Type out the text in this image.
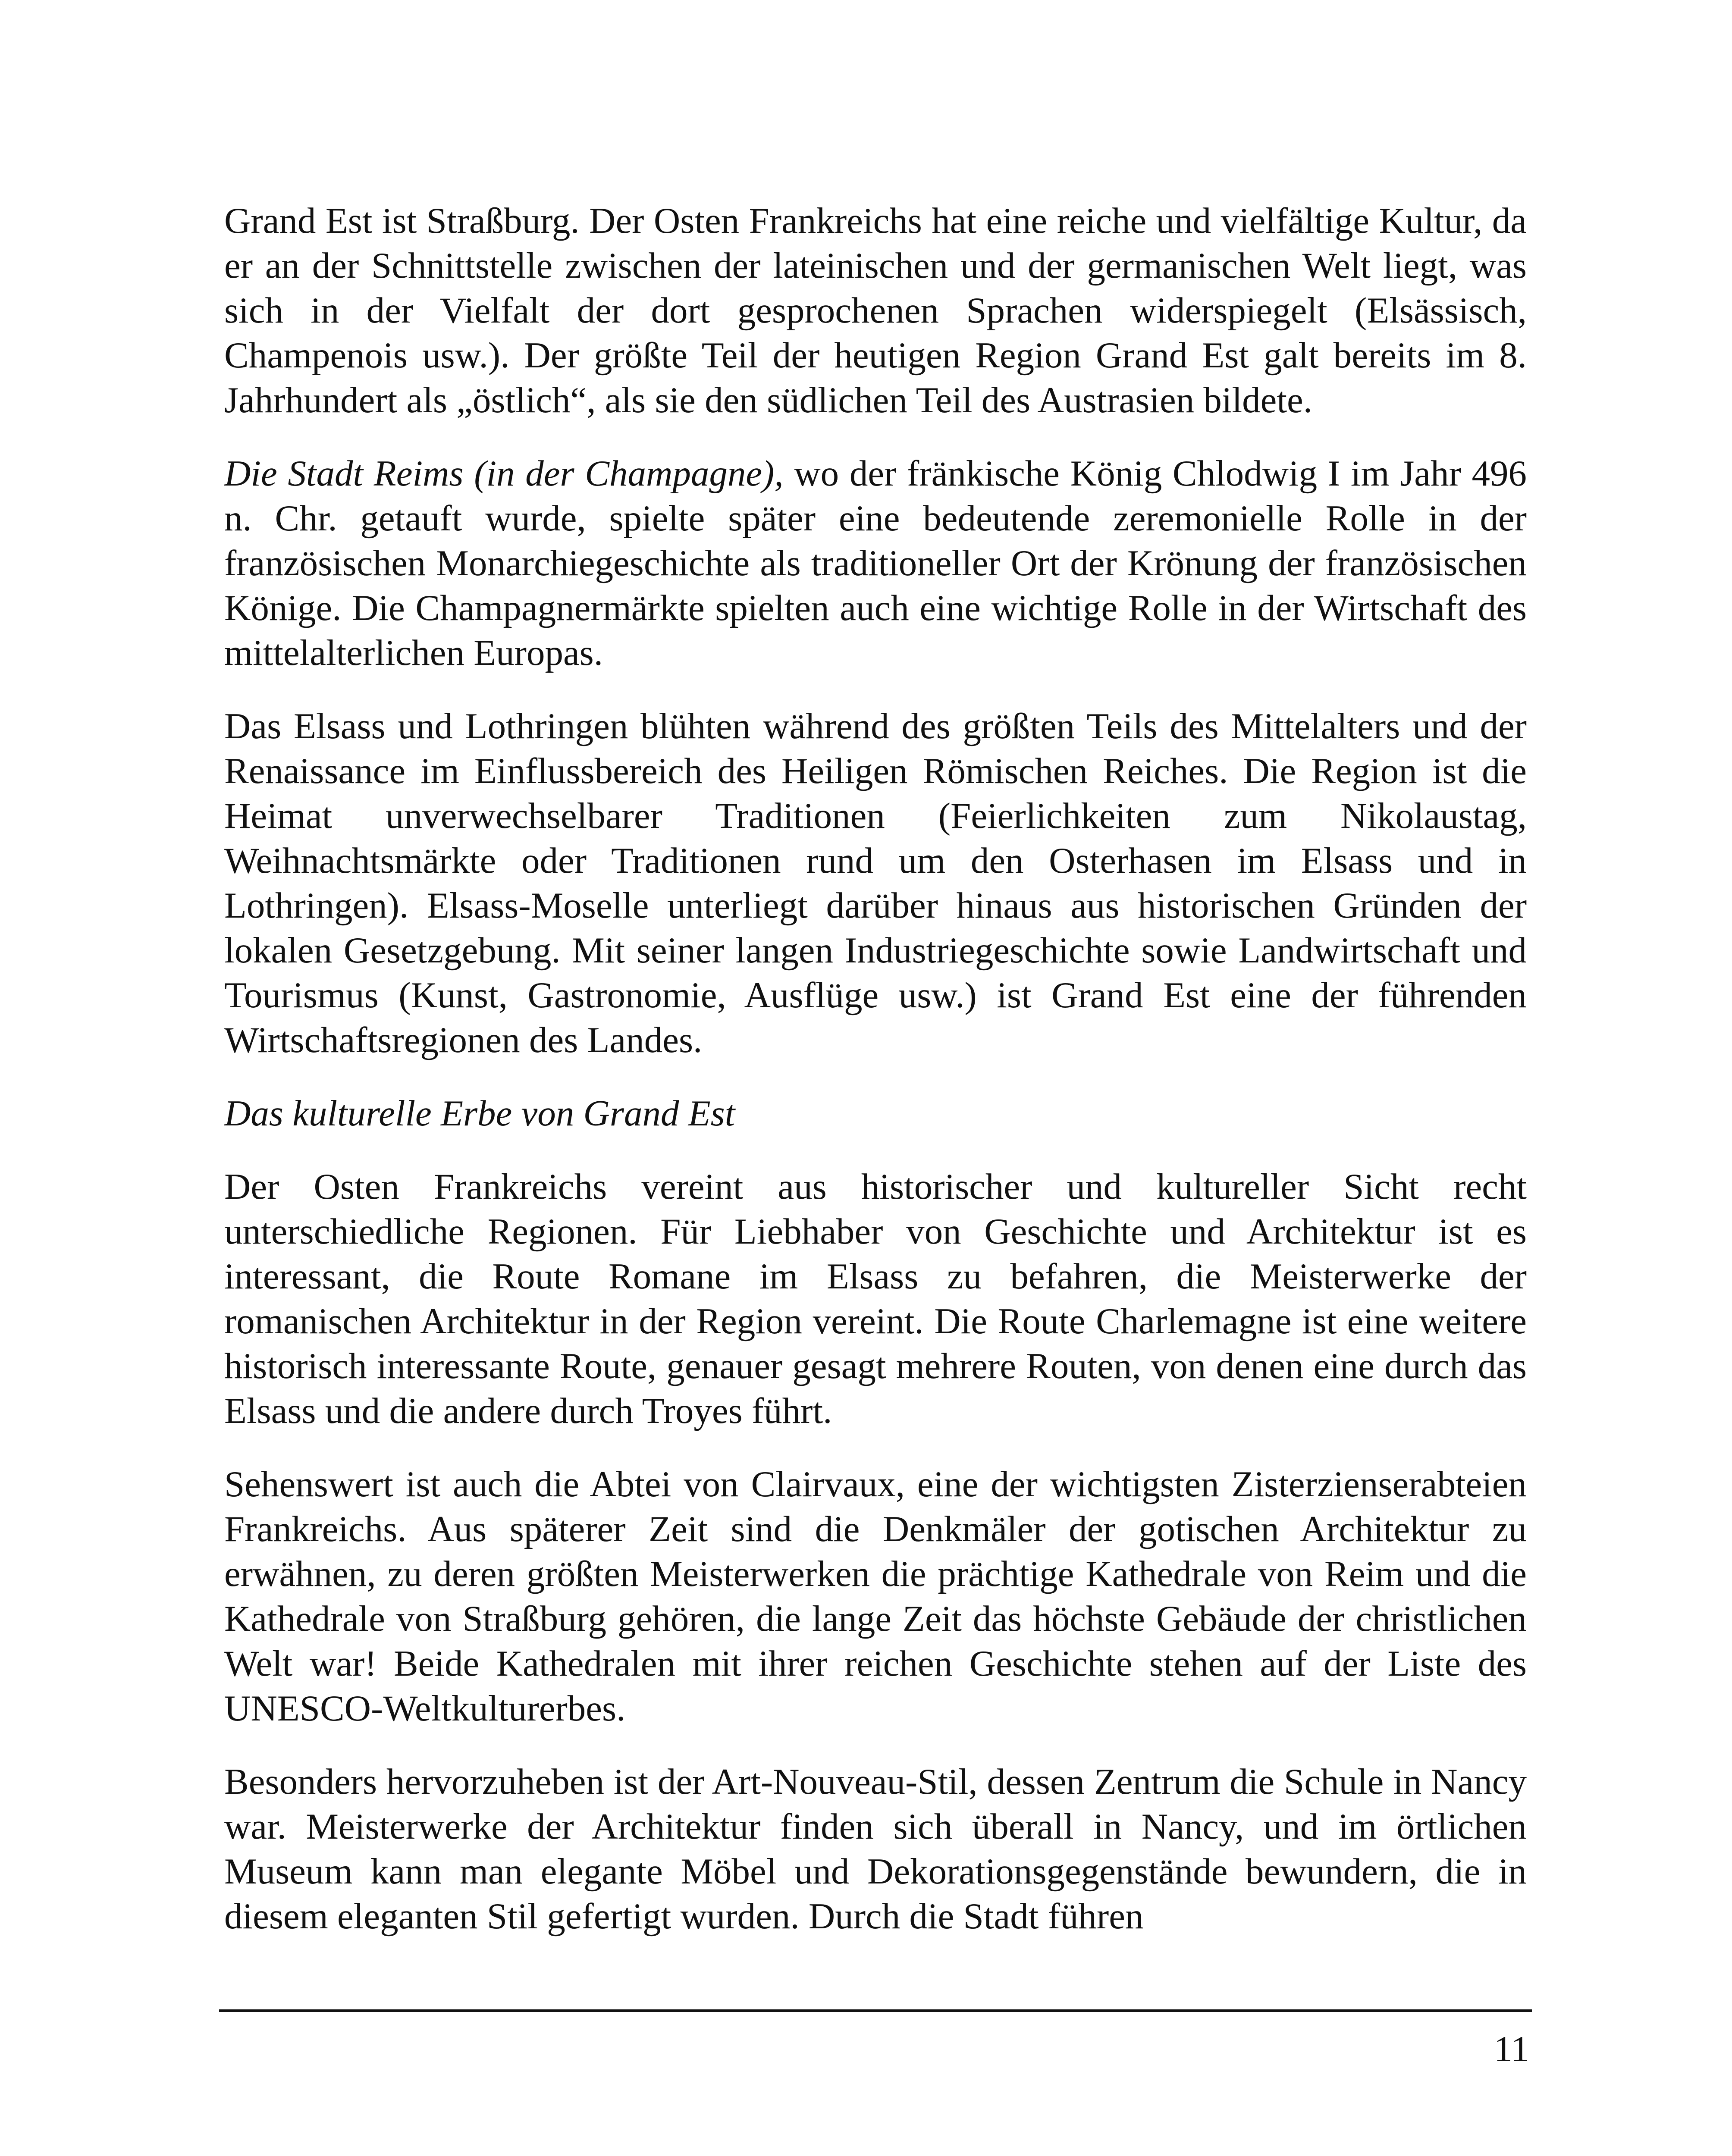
Grand Est ist Straßburg. Der Osten Frankreichs hat eine reiche und vielfältige Kultur, da er an der Schnittstelle zwischen der lateinischen und der germanischen Welt liegt, was sich in der Vielfalt der dort gesprochenen Sprachen widerspiegelt (Elsässisch, Champenois usw.). Der größte Teil der heutigen Region Grand Est galt bereits im 8. Jahrhundert als „östlich“, als sie den südlichen Teil des Austrasien bildete.

Die Stadt Reims (in der Champagne), wo der fränkische König Chlodwig I im Jahr 496 n. Chr. getauft wurde, spielte später eine bedeutende zeremonielle Rolle in der französischen Monarchiegeschichte als traditioneller Ort der Krönung der französischen Könige. Die Champagnermärkte spielten auch eine wichtige Rolle in der Wirtschaft des mittelalterlichen Europas.

Das Elsass und Lothringen blühten während des größten Teils des Mittelalters und der Renaissance im Einflussbereich des Heiligen Römischen Reiches. Die Region ist die Heimat unverwechselbarer Traditionen (Feierlichkeiten zum Nikolaustag, Weihnachtsmärkte oder Traditionen rund um den Osterhasen im Elsass und in Lothringen). Elsass-Moselle unterliegt darüber hinaus aus historischen Gründen der lokalen Gesetzgebung. Mit seiner langen Industriegeschichte sowie Landwirtschaft und Tourismus (Kunst, Gastronomie, Ausflüge usw.) ist Grand Est eine der führenden Wirtschaftsregionen des Landes.

Das kulturelle Erbe von Grand Est

Der Osten Frankreichs vereint aus historischer und kultureller Sicht recht unterschiedliche Regionen. Für Liebhaber von Geschichte und Architektur ist es interessant, die Route Romane im Elsass zu befahren, die Meisterwerke der romanischen Architektur in der Region vereint. Die Route Charlemagne ist eine weitere historisch interessante Route, genauer gesagt mehrere Routen, von denen eine durch das Elsass und die andere durch Troyes führt.

Sehenswert ist auch die Abtei von Clairvaux, eine der wichtigsten Zisterzienserabteien Frankreichs. Aus späterer Zeit sind die Denkmäler der gotischen Architektur zu erwähnen, zu deren größten Meisterwerken die prächtige Kathedrale von Reim und die Kathedrale von Straßburg gehören, die lange Zeit das höchste Gebäude der christlichen Welt war! Beide Kathedralen mit ihrer reichen Geschichte stehen auf der Liste des UNESCO-Weltkulturerbes.

Besonders hervorzuheben ist der Art-Nouveau-Stil, dessen Zentrum die Schule in Nancy war. Meisterwerke der Architektur finden sich überall in Nancy, und im örtlichen Museum kann man elegante Möbel und Dekorationsgegenstände bewundern, die in diesem eleganten Stil gefertigt wurden. Durch die Stadt führen

11
